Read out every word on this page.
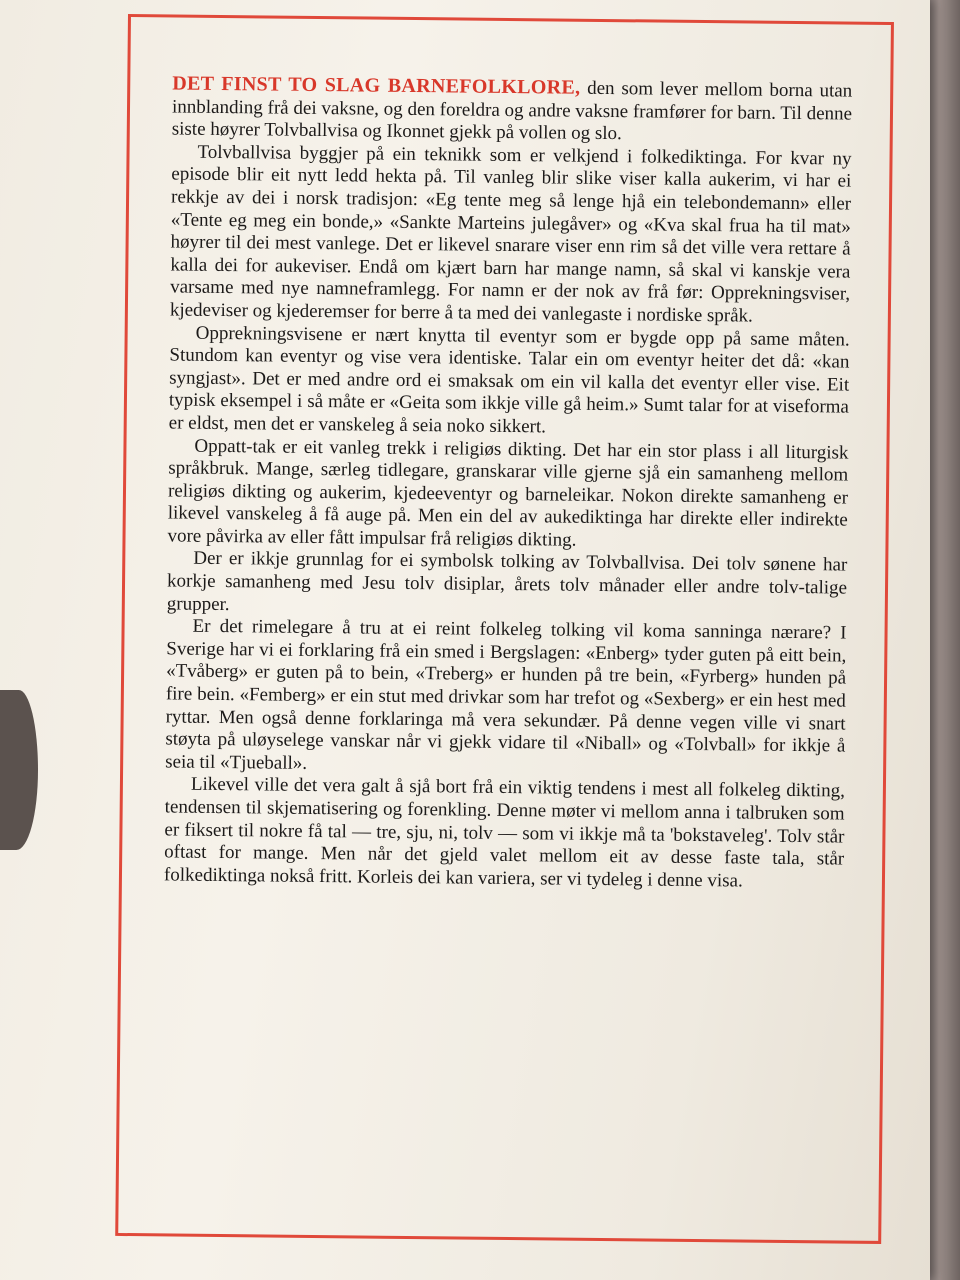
DET FINST TO SLAG BARNEFOLKLORE, den som lever mellom borna utan innblanding frå dei vaksne, og den foreldra og andre vaksne framfører for barn. Til denne siste høyrer Tolvballvisa og Ikonnet gjekk på vollen og slo.

Tolvballvisa byggjer på ein teknikk som er velkjend i folkediktinga. For kvar ny episode blir eit nytt ledd hekta på. Til vanleg blir slike viser kalla aukerim, vi har ei rekkje av dei i norsk tradisjon: «Eg tente meg så lenge hjå ein telebondemann» eller «Tente eg meg ein bonde,» «Sankte Marteins julegåver» og «Kva skal frua ha til mat» høyrer til dei mest vanlege. Det er likevel snarare viser enn rim så det ville vera rettare å kalla dei for aukeviser. Endå om kjært barn har mange namn, så skal vi kanskje vera varsame med nye namneframlegg. For namn er der nok av frå før: Opprekningsviser, kjedeviser og kjederemser for berre å ta med dei vanlegaste i nordiske språk.

Opprekningsvisene er nært knytta til eventyr som er bygde opp på same måten. Stundom kan eventyr og vise vera identiske. Talar ein om eventyr heiter det då: «kan syngjast». Det er med andre ord ei smaksak om ein vil kalla det eventyr eller vise. Eit typisk eksempel i så måte er «Geita som ikkje ville gå heim.» Sumt talar for at viseforma er eldst, men det er vanskeleg å seia noko sikkert.

Oppatt-tak er eit vanleg trekk i religiøs dikting. Det har ein stor plass i all liturgisk språkbruk. Mange, særleg tidlegare, granskarar ville gjerne sjå ein samanheng mellom religiøs dikting og aukerim, kjedeeventyr og barneleikar. Nokon direkte samanheng er likevel vanskeleg å få auge på. Men ein del av aukediktinga har direkte eller indirekte vore påvirka av eller fått impulsar frå religiøs dikting.

Der er ikkje grunnlag for ei symbolsk tolking av Tolvballvisa. Dei tolv sønene har korkje samanheng med Jesu tolv disiplar, årets tolv månader eller andre tolv-talige grupper.

Er det rimelegare å tru at ei reint folkeleg tolking vil koma sanninga nærare? I Sverige har vi ei forklaring frå ein smed i Bergslagen: «Enberg» tyder guten på eitt bein, «Tvåberg» er guten på to bein, «Treberg» er hunden på tre bein, «Fyrberg» hunden på fire bein. «Femberg» er ein stut med drivkar som har trefot og «Sexberg» er ein hest med ryttar. Men også denne forklaringa må vera sekundær. På denne vegen ville vi snart støyta på uløyselege vanskar når vi gjekk vidare til «Niball» og «Tolvball» for ikkje å seia til «Tjueball».

Likevel ville det vera galt å sjå bort frå ein viktig tendens i mest all folkeleg dikting, tendensen til skjematisering og forenkling. Denne møter vi mellom anna i talbruken som er fiksert til nokre få tal — tre, sju, ni, tolv — som vi ikkje må ta 'bokstaveleg'. Tolv står oftast for mange. Men når det gjeld valet mellom eit av desse faste tala, står folkediktinga nokså fritt. Korleis dei kan variera, ser vi tydeleg i denne visa.
